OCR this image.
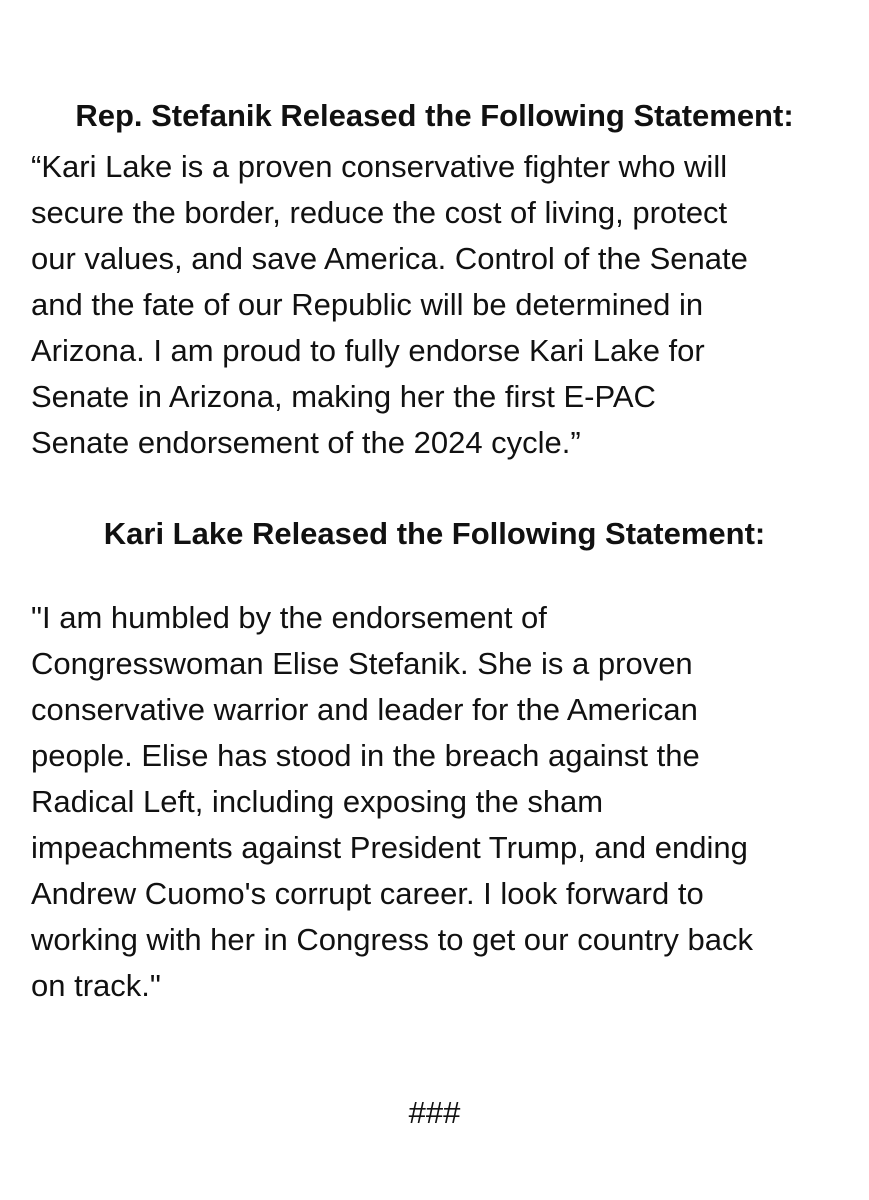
Rep. Stefanik Released the Following Statement:

“Kari Lake is a proven conservative fighter who will
secure the border, reduce the cost of living, protect
our values, and save America. Control of the Senate
and the fate of our Republic will be determined in
Arizona. I am proud to fully endorse Kari Lake for
Senate in Arizona, making her the first E-PAC
Senate endorsement of the 2024 cycle.”

Kari Lake Released the Following Statement:

"I am humbled by the endorsement of
Congresswoman Elise Stefanik. She is a proven
conservative warrior and leader for the American
people. Elise has stood in the breach against the
Radical Left, including exposing the sham
impeachments against President Trump, and ending
Andrew Cuomo's corrupt career. I look forward to
working with her in Congress to get our country back
on track."

###
